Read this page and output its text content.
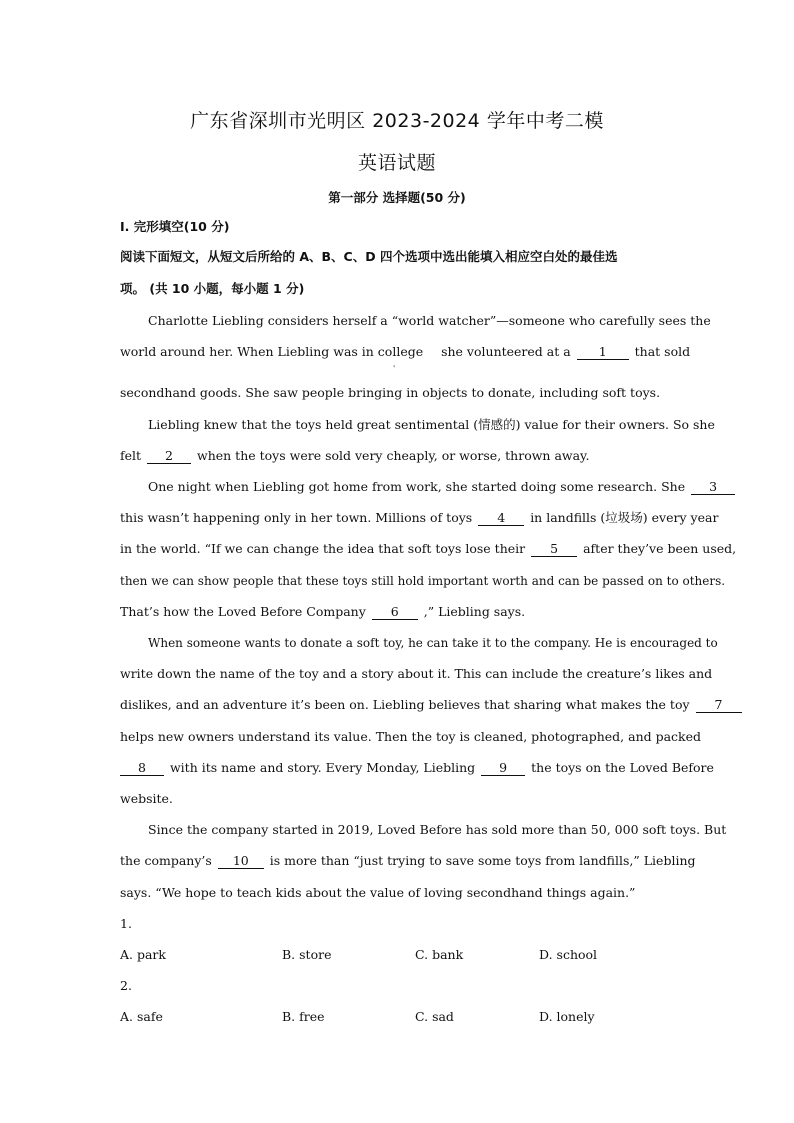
广东省深圳市光明区 2023-2024 学年中考二模
英语试题
第一部分 选择题(50 分)
I. 完形填空(10 分)
阅读下面短文，从短文后所给的 A、B、C、D 四个选项中选出能填入相应空白处的最佳选
项。 (共 10 小题，每小题 1 分)
Charlotte Liebling considers herself a “world watcher”—someone who carefully sees the
world around her. When Liebling was in college she volunteered at a 1 that sold
'
secondhand goods. She saw people bringing in objects to donate, including soft toys.
Liebling knew that the toys held great sentimental (情感的) value for their owners. So she
felt 2 when the toys were sold very cheaply, or worse, thrown away.
One night when Liebling got home from work, she started doing some research. She 3
this wasn’t happening only in her town. Millions of toys 4 in landfills (垃圾场) every year
in the world. “If we can change the idea that soft toys lose their 5 after they’ve been used,
then we can show people that these toys still hold important worth and can be passed on to others.
That’s how the Loved Before Company 6 ,” Liebling says.
When someone wants to donate a soft toy, he can take it to the company. He is encouraged to
write down the name of the toy and a story about it. This can include the creature’s likes and
dislikes, and an adventure it’s been on. Liebling believes that sharing what makes the toy 7
helps new owners understand its value. Then the toy is cleaned, photographed, and packed
8 with its name and story. Every Monday, Liebling 9 the toys on the Loved Before
website.
Since the company started in 2019, Loved Before has sold more than 50, 000 soft toys. But
the company’s 10 is more than “just trying to save some toys from landfills,” Liebling
says. “We hope to teach kids about the value of loving secondhand things again.”
1.
A. park	B. store	C. bank	D. school
2.
A. safe	B. free	C. sad	D. lonely
